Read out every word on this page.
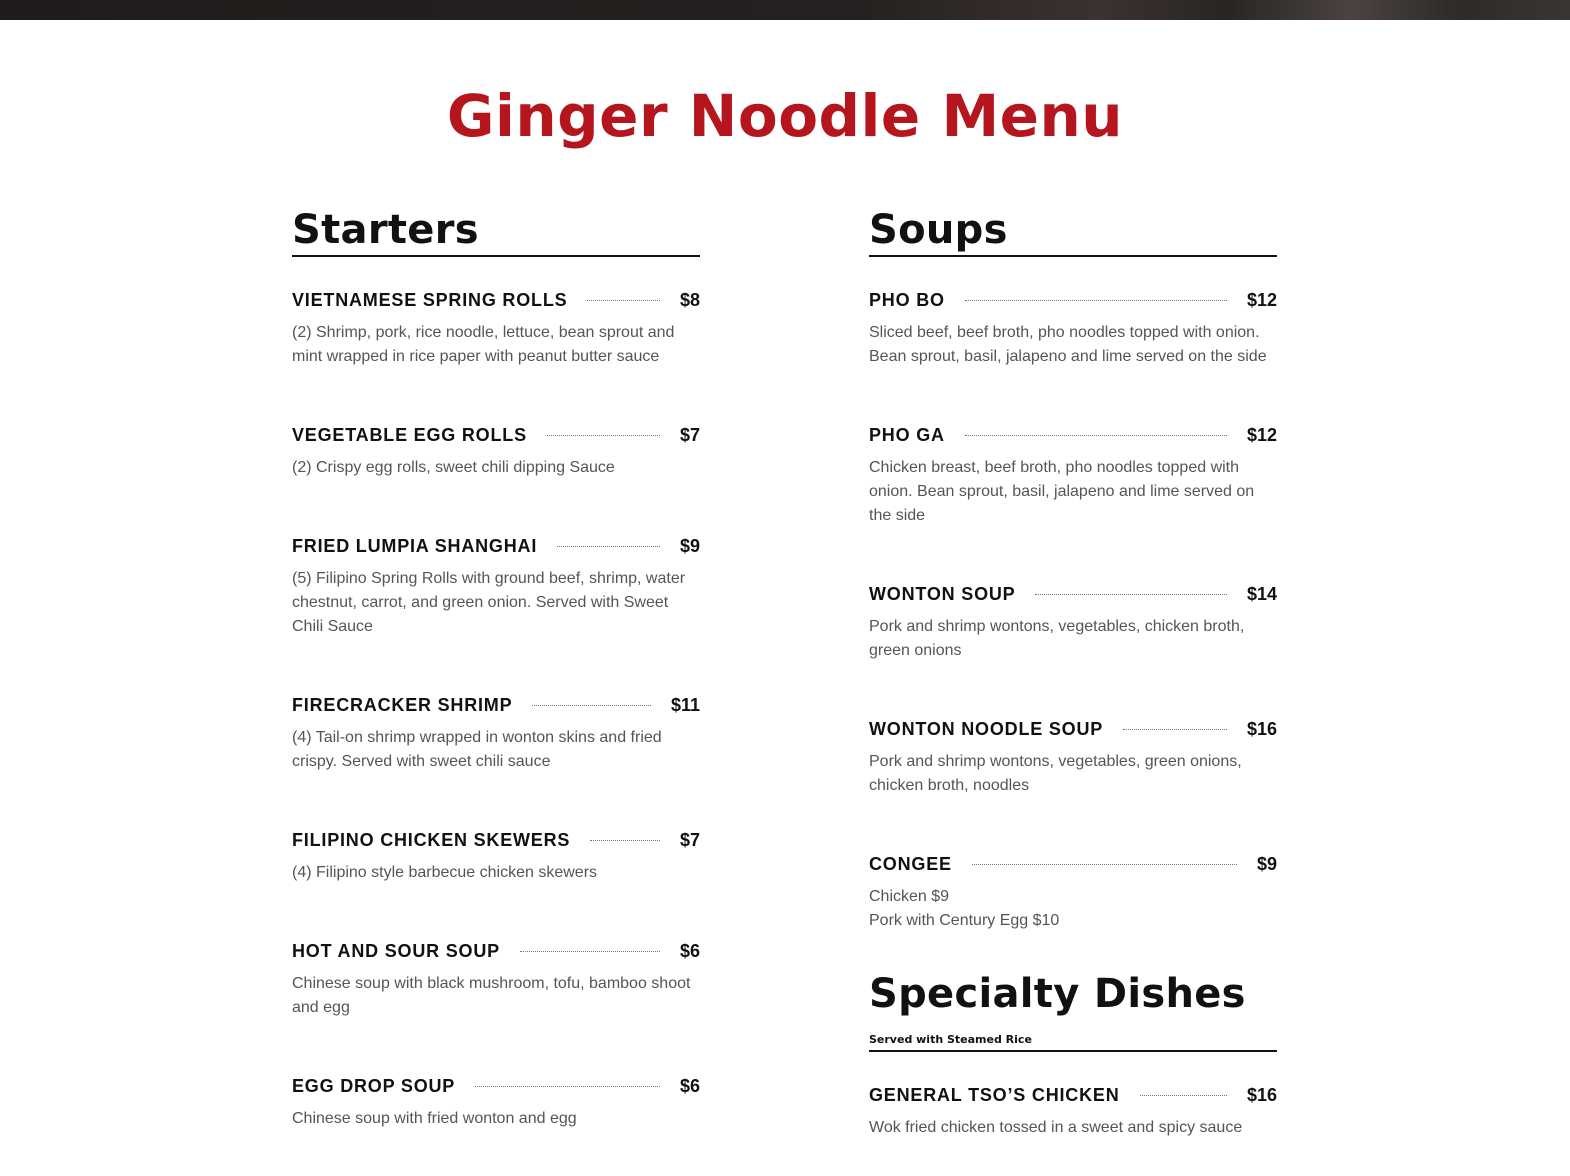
Ginger Noodle Menu
Starters
VIETNAMESE SPRING ROLLS	$8

(2) Shrimp, pork, rice noodle, lettuce, bean sprout and mint wrapped in rice paper with peanut butter sauce

VEGETABLE EGG ROLLS	$7

(2) Crispy egg rolls, sweet chili dipping Sauce

FRIED LUMPIA SHANGHAI	$9

(5) Filipino Spring Rolls with ground beef, shrimp, water chestnut, carrot, and green onion. Served with Sweet Chili Sauce

FIRECRACKER SHRIMP	$11

(4) Tail-on shrimp wrapped in wonton skins and fried crispy. Served with sweet chili sauce

FILIPINO CHICKEN SKEWERS	$7

(4) Filipino style barbecue chicken skewers

HOT AND SOUR SOUP	$6

Chinese soup with black mushroom, tofu, bamboo shoot and egg

EGG DROP SOUP	$6

Chinese soup with fried wonton and egg

Soups
PHO BO	$12

Sliced beef, beef broth, pho noodles topped with onion. Bean sprout, basil, jalapeno and lime served on the side

PHO GA	$12

Chicken breast, beef broth, pho noodles topped with onion. Bean sprout, basil, jalapeno and lime served on the side

WONTON SOUP	$14

Pork and shrimp wontons, vegetables, chicken broth, green onions

WONTON NOODLE SOUP	$16

Pork and shrimp wontons, vegetables, green onions, chicken broth, noodles

CONGEE	$9

Chicken $9
Pork with Century Egg $10

Specialty Dishes

Served with Steamed Rice

GENERAL TSO’S CHICKEN	$16

Wok fried chicken tossed in a sweet and spicy sauce
